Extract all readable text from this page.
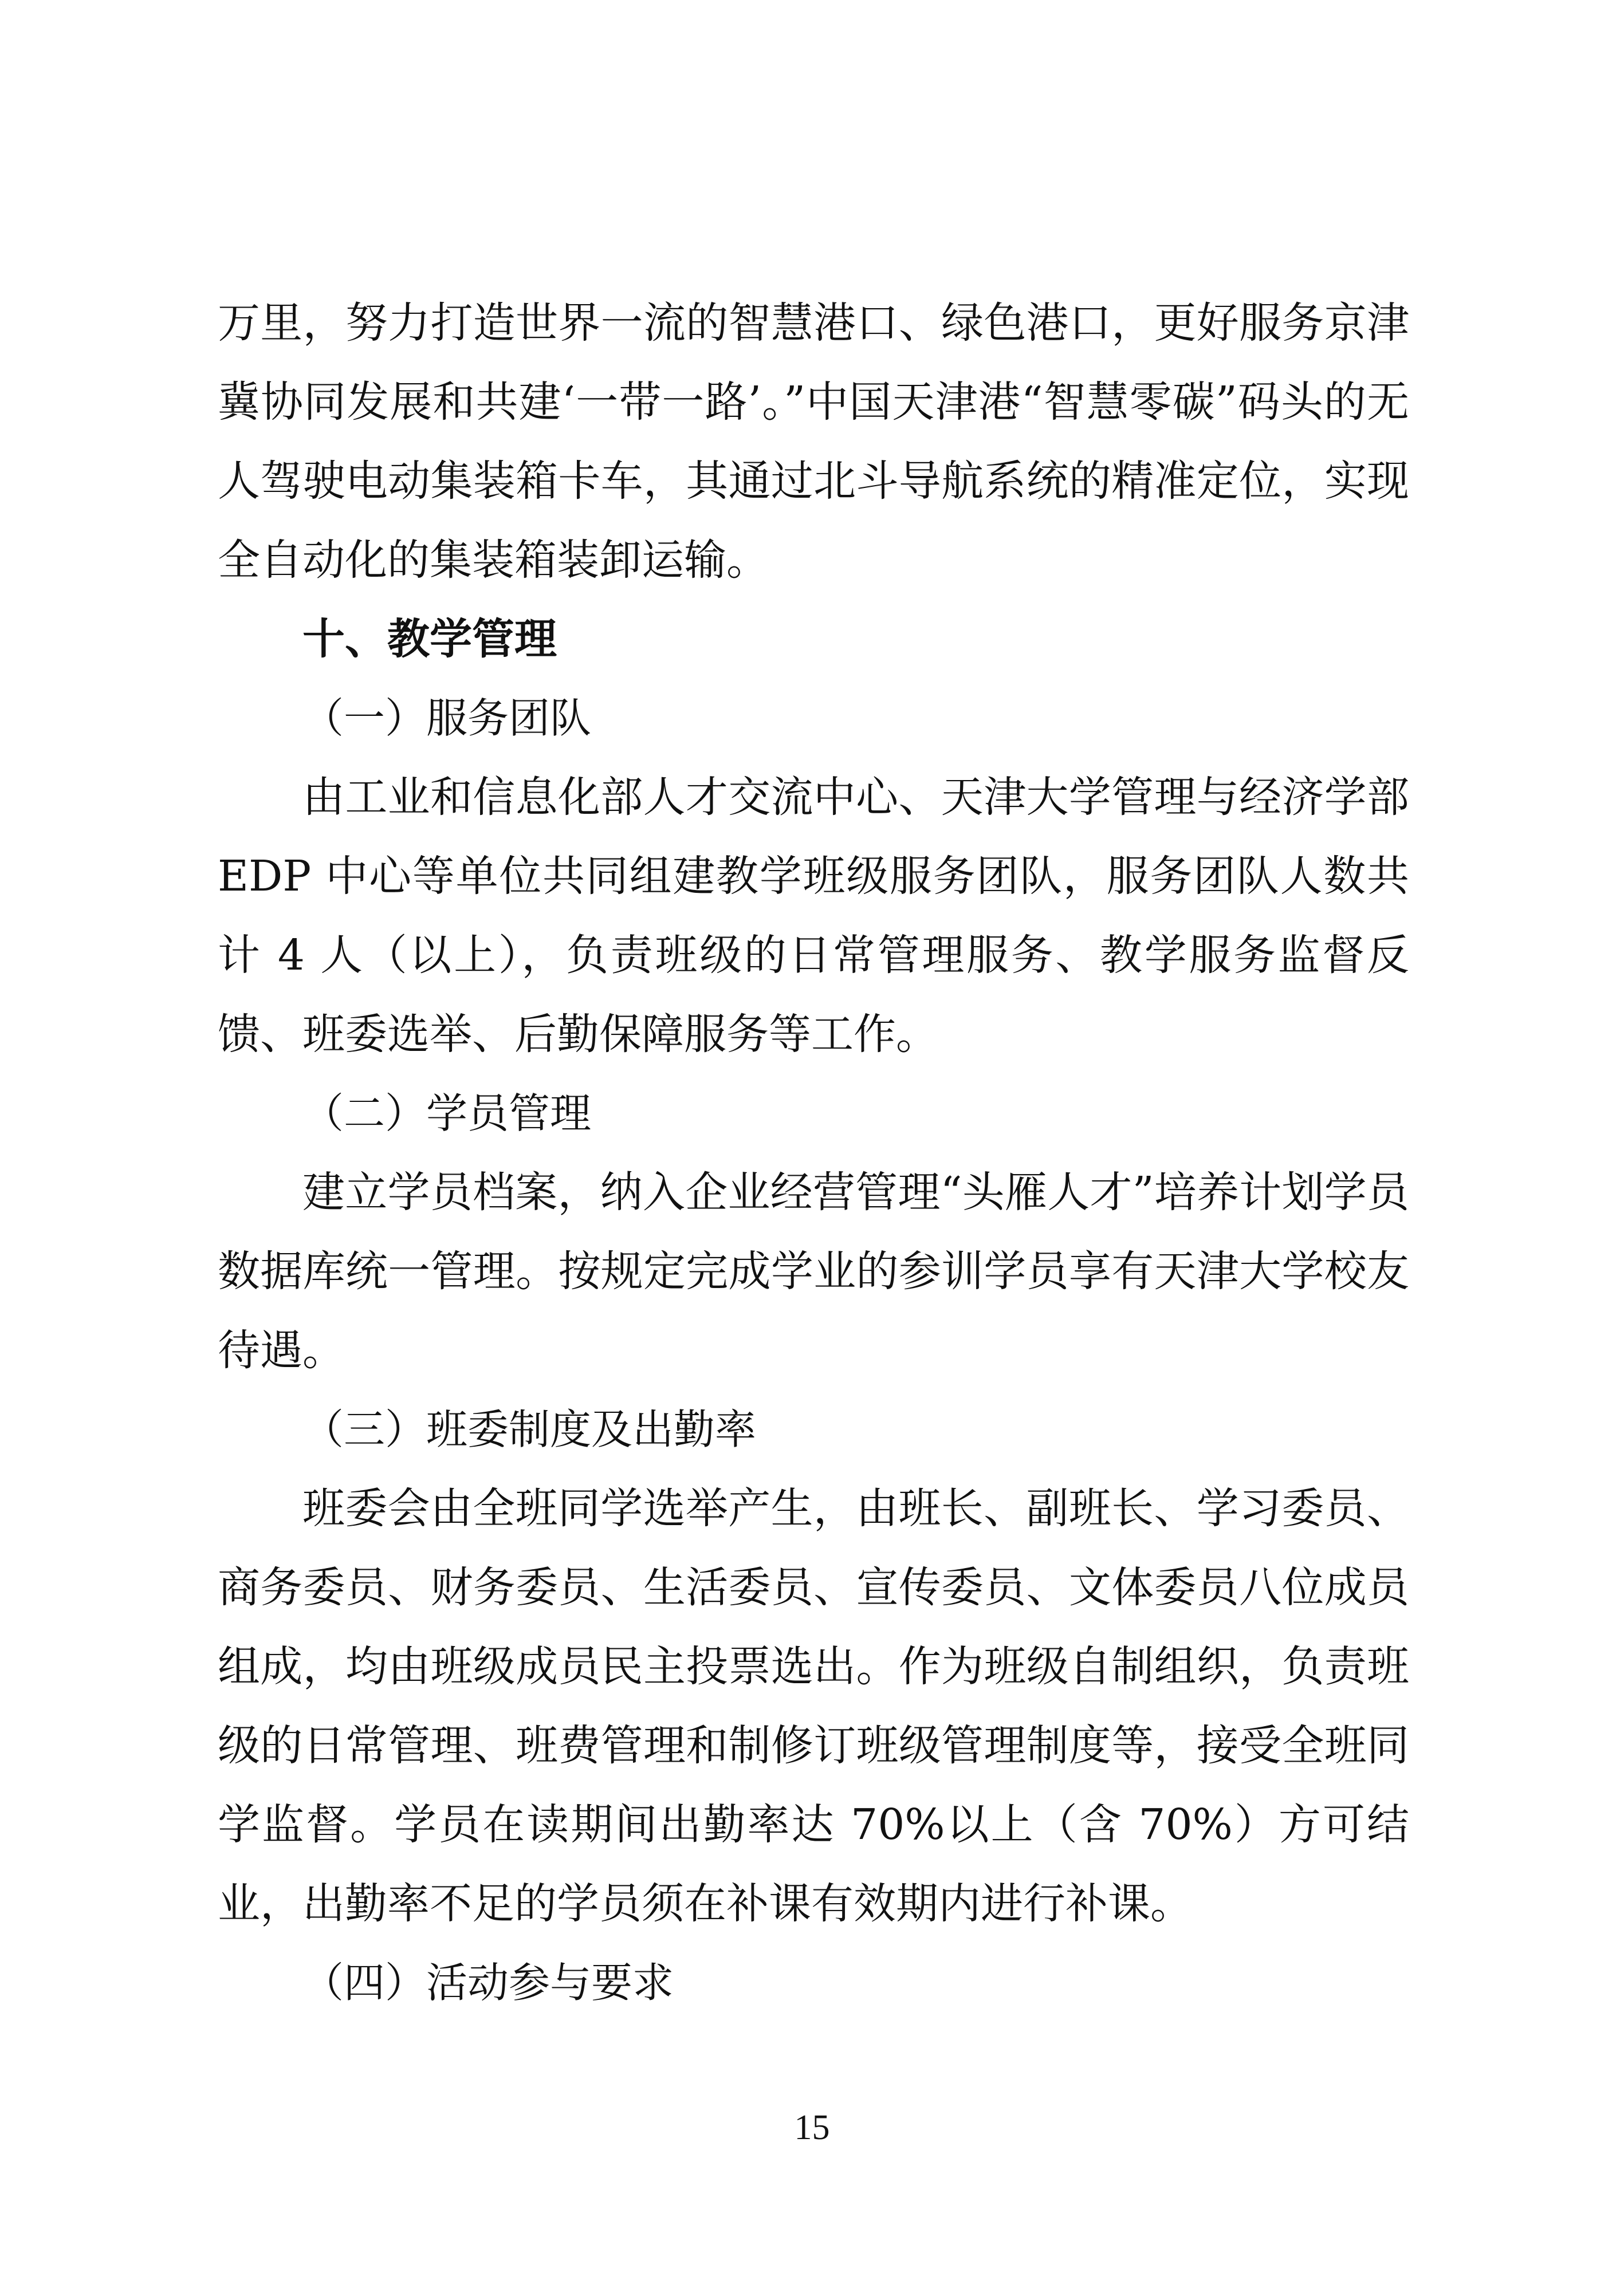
万里，努力打造世界一流的智慧港口、绿色港口，更好服务京津冀协同发展和共建‘一带一路’。”中国天津港“智慧零碳”码头的无人驾驶电动集装箱卡车，其通过北斗导航系统的精准定位，实现全自动化的集装箱装卸运输。

十、教学管理

（一）服务团队

由工业和信息化部人才交流中心、天津大学管理与经济学部EDP 中心等单位共同组建教学班级服务团队，服务团队人数共计 4 人（以上），负责班级的日常管理服务、教学服务监督反馈、班委选举、后勤保障服务等工作。

（二）学员管理

建立学员档案，纳入企业经营管理“头雁人才”培养计划学员数据库统一管理。按规定完成学业的参训学员享有天津大学校友待遇。

（三）班委制度及出勤率

班委会由全班同学选举产生，由班长、副班长、学习委员、商务委员、财务委员、生活委员、宣传委员、文体委员八位成员组成，均由班级成员民主投票选出。作为班级自制组织，负责班级的日常管理、班费管理和制修订班级管理制度等，接受全班同学监督。学员在读期间出勤率达 70%以上（含 70%）方可结业，出勤率不足的学员须在补课有效期内进行补课。

（四）活动参与要求

15
